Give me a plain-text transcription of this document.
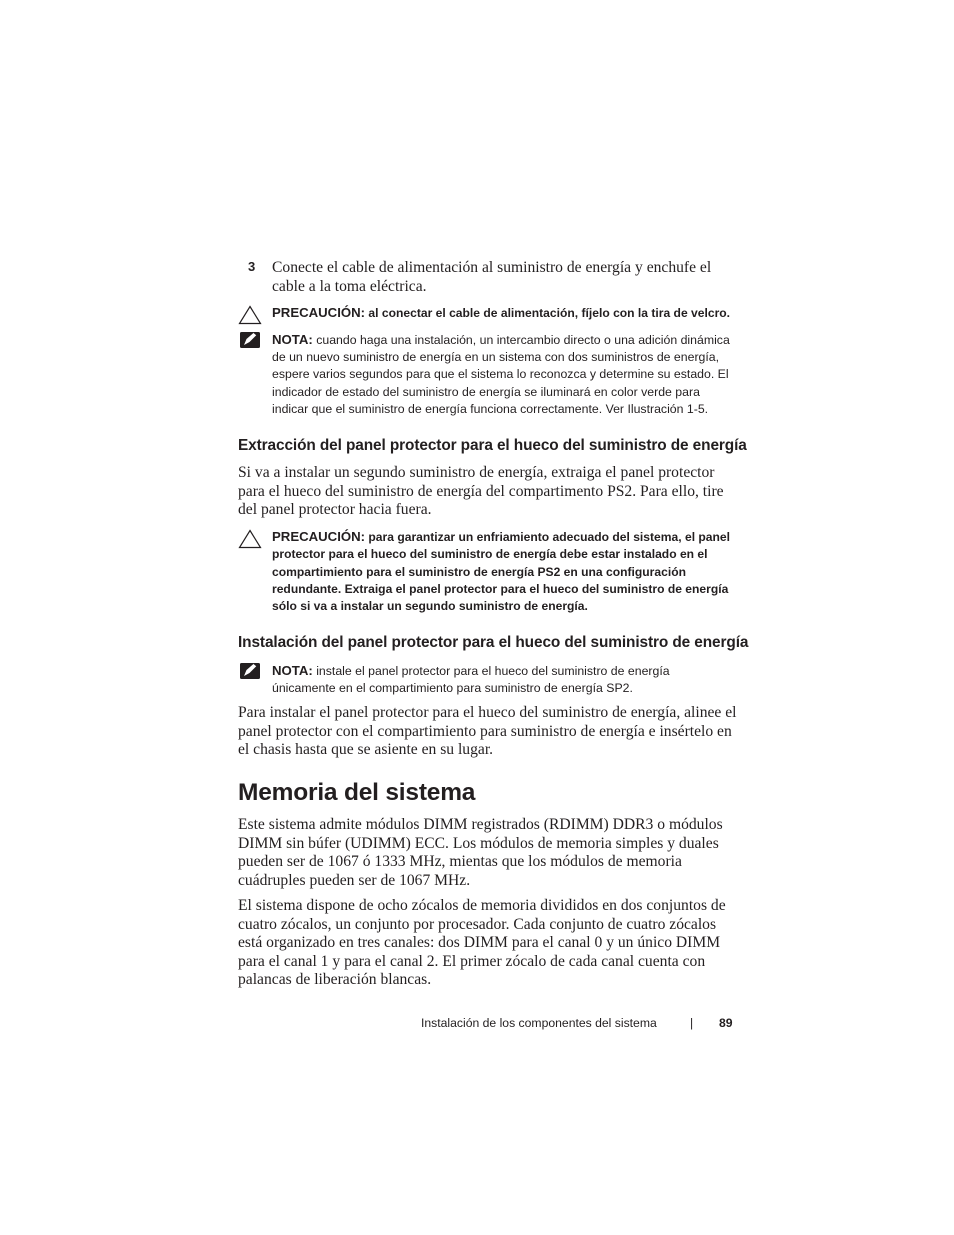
3 Conecte el cable de alimentación al suministro de energía y enchufe el cable a la toma eléctrica.
PRECAUCIÓN: al conectar el cable de alimentación, fíjelo con la tira de velcro.
NOTA: cuando haga una instalación, un intercambio directo o una adición dinámica de un nuevo suministro de energía en un sistema con dos suministros de energía, espere varios segundos para que el sistema lo reconozca y determine su estado. El indicador de estado del suministro de energía se iluminará en color verde para indicar que el suministro de energía funciona correctamente. Ver Ilustración 1-5.
Extracción del panel protector para el hueco del suministro de energía
Si va a instalar un segundo suministro de energía, extraiga el panel protector para el hueco del suministro de energía del compartimento PS2. Para ello, tire del panel protector hacia fuera.
PRECAUCIÓN: para garantizar un enfriamiento adecuado del sistema, el panel protector para el hueco del suministro de energía debe estar instalado en el compartimiento para el suministro de energía PS2 en una configuración redundante. Extraiga el panel protector para el hueco del suministro de energía sólo si va a instalar un segundo suministro de energía.
Instalación del panel protector para el hueco del suministro de energía
NOTA: instale el panel protector para el hueco del suministro de energía únicamente en el compartimiento para suministro de energía SP2.
Para instalar el panel protector para el hueco del suministro de energía, alinee el panel protector con el compartimiento para suministro de energía e insértelo en el chasis hasta que se asiente en su lugar.
Memoria del sistema
Este sistema admite módulos DIMM registrados (RDIMM) DDR3 o módulos DIMM sin búfer (UDIMM) ECC. Los módulos de memoria simples y duales pueden ser de 1067 ó 1333 MHz, mientas que los módulos de memoria cuádruples pueden ser de 1067 MHz.
El sistema dispone de ocho zócalos de memoria divididos en dos conjuntos de cuatro zócalos, un conjunto por procesador. Cada conjunto de cuatro zócalos está organizado en tres canales: dos DIMM para el canal 0 y un único DIMM para el canal 1 y para el canal 2. El primer zócalo de cada canal cuenta con palancas de liberación blancas.
Instalación de los componentes del sistema	| 89
